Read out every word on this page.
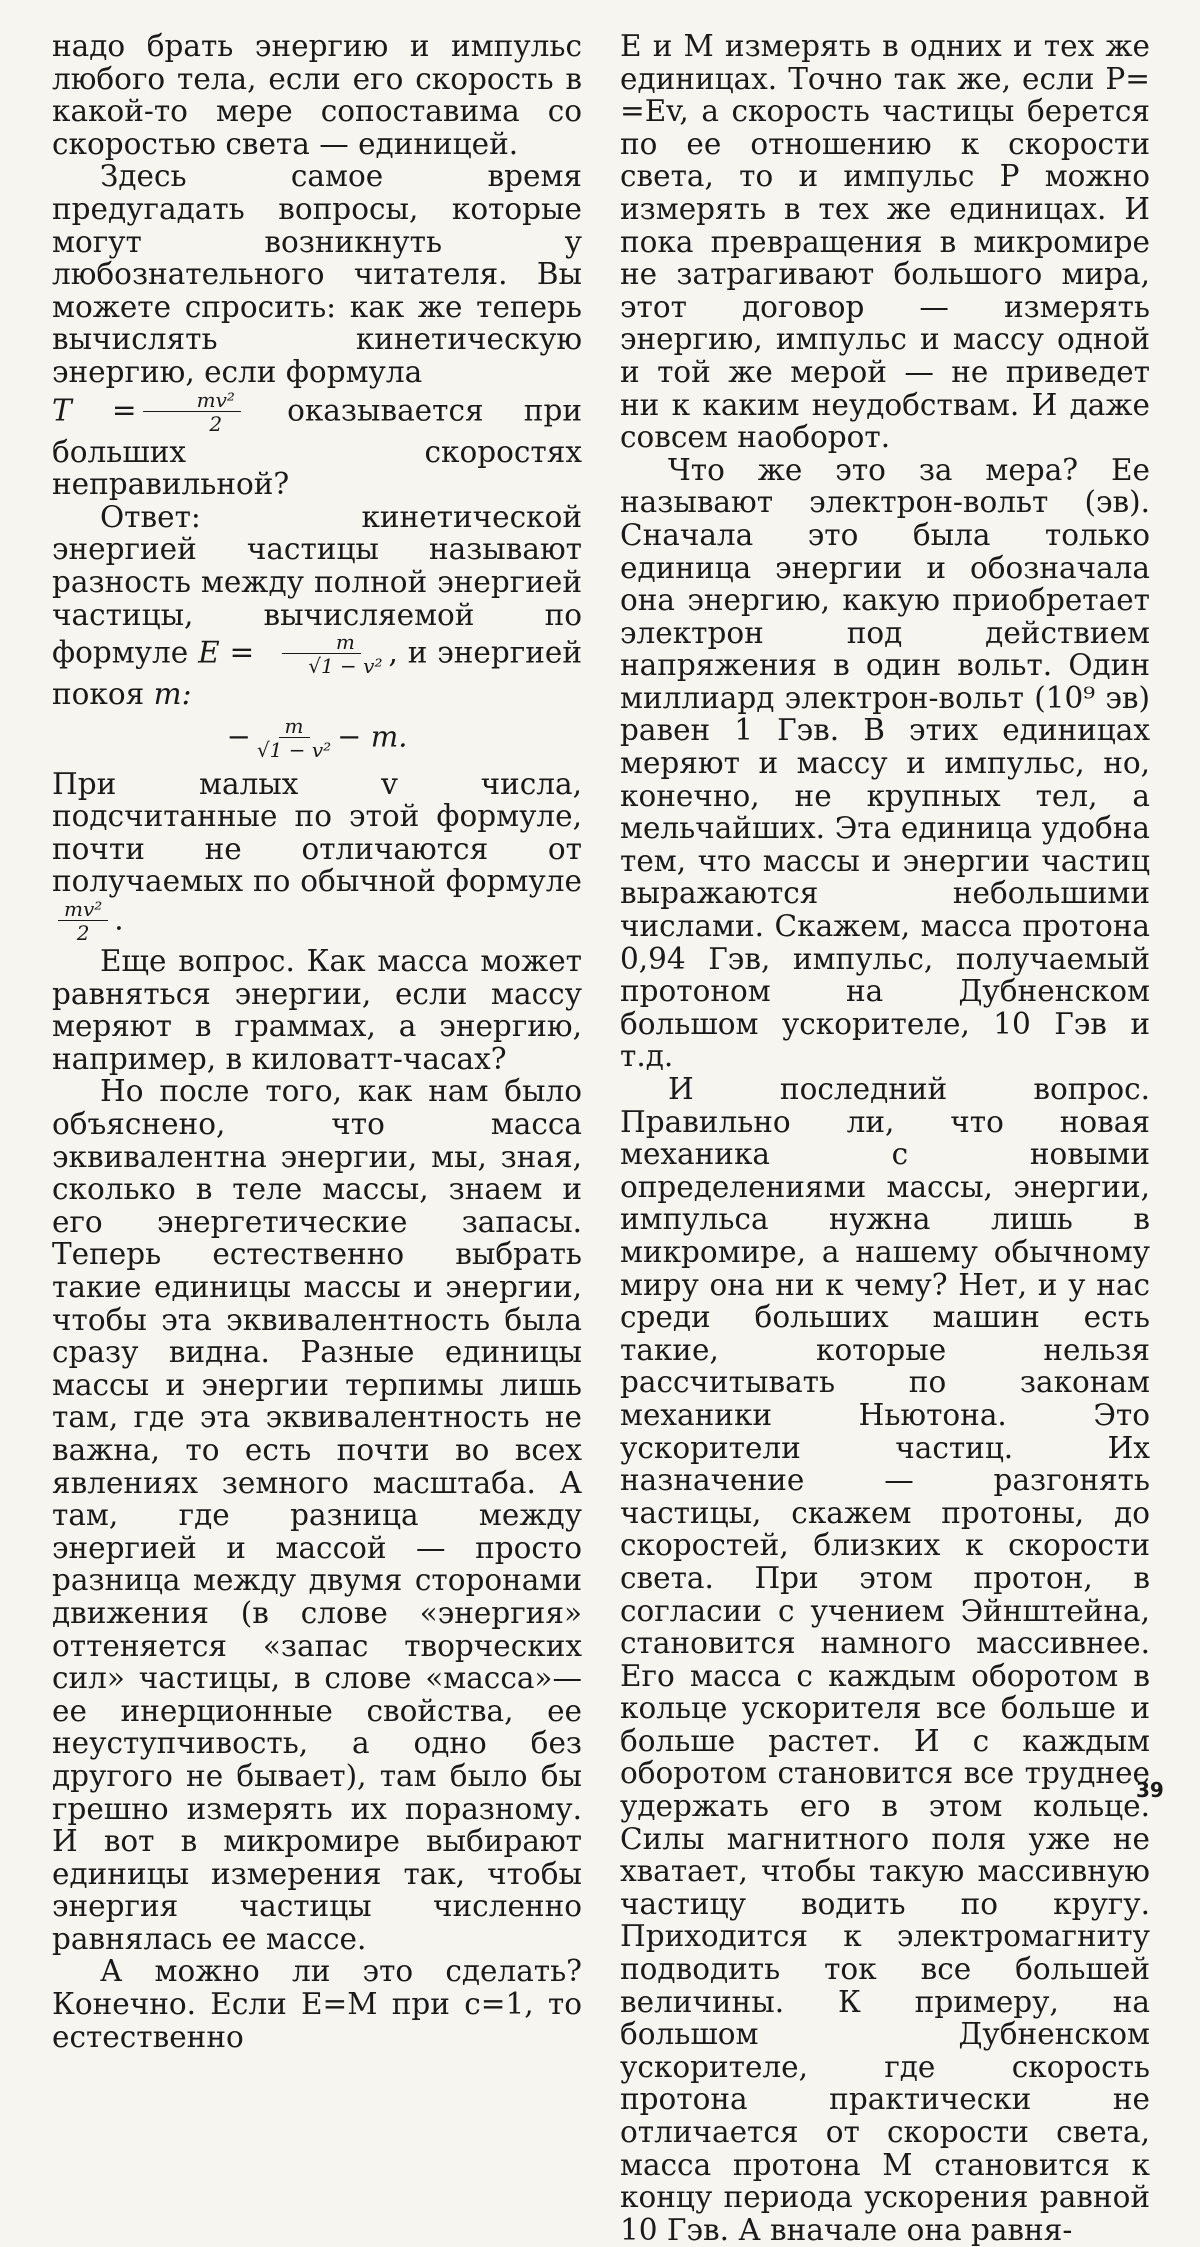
надо брать энергию и импульс любого тела, если его скорость в какой-то мере сопоставима со скоростью света — единицей.

Здесь самое время предугадать вопросы, которые могут возникнуть у любознательного читателя. Вы можете спросить: как же теперь вычислять кинетическую энергию, если формула
$T = \frac{\text{mv²}}{2}$ оказывается при больших скоростях неправильной?

Ответ: кинетической энергией частицы называют разность между полной энергией частицы, вычисляемой по формуле $E = \frac{m}{\text{√1 − v²}}$ , и энергией покоя m:

− $\frac{m}{\text{√1 − v²}} - m$.

При малых v числа, подсчитанные по этой формуле, почти не отличаются от получаемых по обычной формуле
$\frac{\text{mv²}}{2}$ .

Еще вопрос. Как масса может равняться энергии, если массу меряют в граммах, а энергию, например, в киловатт-часах?

Но после того, как нам было объяснено, что масса эквивалентна энергии, мы, зная, сколько в теле массы, знаем и его энергетические запасы. Теперь естественно выбрать такие единицы массы и энергии, чтобы эта эквивалентность была сразу видна. Разные единицы массы и энергии терпимы лишь там, где эта эквивалентность не важна, то есть почти во всех явлениях земного масштаба. А там, где разница между энергией и массой — просто разница между двумя сторонами движения (в слове «энергия» оттеняется «запас творческих сил» частицы, в слове «масса»— ее инерционные свойства, ее неуступчивость, а одно без другого не бывает), там было бы грешно измерять их поразному. И вот в микромире выбирают единицы измерения так, чтобы энергия частицы численно равнялась ее массе.

А можно ли это сделать? Конечно. Если E=M при c=1, то естественно

E и M измерять в одних и тех же единицах. Точно так же, если P= =Ev, а скорость частицы берется по ее отношению к скорости света, то и импульс P можно измерять в тех же единицах. И пока превращения в микромире не затрагивают большого мира, этот договор — измерять энергию, импульс и массу одной и той же мерой — не приведет ни к каким неудобствам. И даже совсем наоборот.

Что же это за мера? Ее называют электрон-вольт (эв). Сначала это была только единица энергии и обозначала она энергию, какую приобретает электрон под действием напряжения в один вольт. Один миллиард электрон-вольт (10⁹ эв) равен 1 Гэв. В этих единицах меряют и массу и импульс, но, конечно, не крупных тел, а мельчайших. Эта единица удобна тем, что массы и энергии частиц выражаются небольшими числами. Скажем, масса протона 0,94 Гэв, импульс, получаемый протоном на Дубненском большом ускорителе, 10 Гэв и т.д.

И последний вопрос. Правильно ли, что новая механика с новыми определениями массы, энергии, импульса нужна лишь в микромире, а нашему обычному миру она ни к чему? Нет, и у нас среди больших машин есть такие, которые нельзя рассчитывать по законам механики Ньютона. Это ускорители частиц. Их назначение — разгонять частицы, скажем протоны, до скоростей, близких к скорости света. При этом протон, в согласии с учением Эйнштейна, становится намного массивнее. Его масса с каждым оборотом в кольце ускорителя все больше и больше растет. И с каждым оборотом становится все труднее удержать его в этом кольце. Силы магнитного поля уже не хватает, чтобы такую массивную частицу водить по кругу. Приходится к электромагниту подводить ток все большей величины. К примеру, на большом Дубненском ускорителе, где скорость протона практически не отличается от скорости света, масса протона M становится к концу периода ускорения равной 10 Гэв. А вначале она равня-

39
